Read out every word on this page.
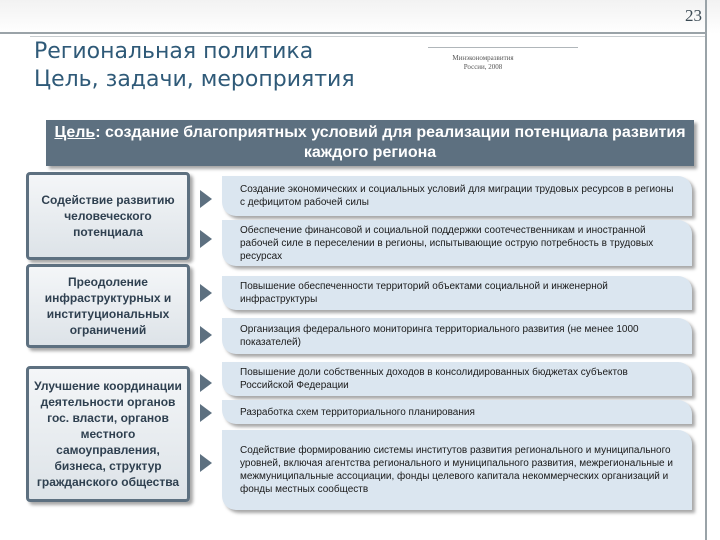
23
Региональная политика
Цель, задачи, мероприятия
Минэкономразвития
России, 2008
Цель: создание благоприятных условий для реализации потенциала развития каждого региона
Содействие развитию человеческого потенциала
Преодоление инфраструктурных и институциональных ограничений
Улучшение координации деятельности органов гос. власти, органов местного самоуправления, бизнеса, структур гражданского общества
Создание экономических и социальных условий для миграции трудовых ресурсов в регионы с дефицитом рабочей силы
Обеспечение финансовой и социальной поддержки соотечественникам и иностранной рабочей силе в переселении в регионы, испытывающие острую потребность в трудовых ресурсах
Повышение обеспеченности территорий объектами социальной и инженерной инфраструктуры
Организация федерального мониторинга территориального развития (не менее 1000 показателей)
Повышение доли собственных доходов в консолидированных бюджетах субъектов Российской Федерации
Разработка схем территориального планирования
Содействие формированию системы институтов развития регионального и муниципального уровней, включая агентства регионального и муниципального развития, межрегиональные и межмуниципальные ассоциации, фонды целевого капитала некоммерческих организаций и фонды местных сообществ
